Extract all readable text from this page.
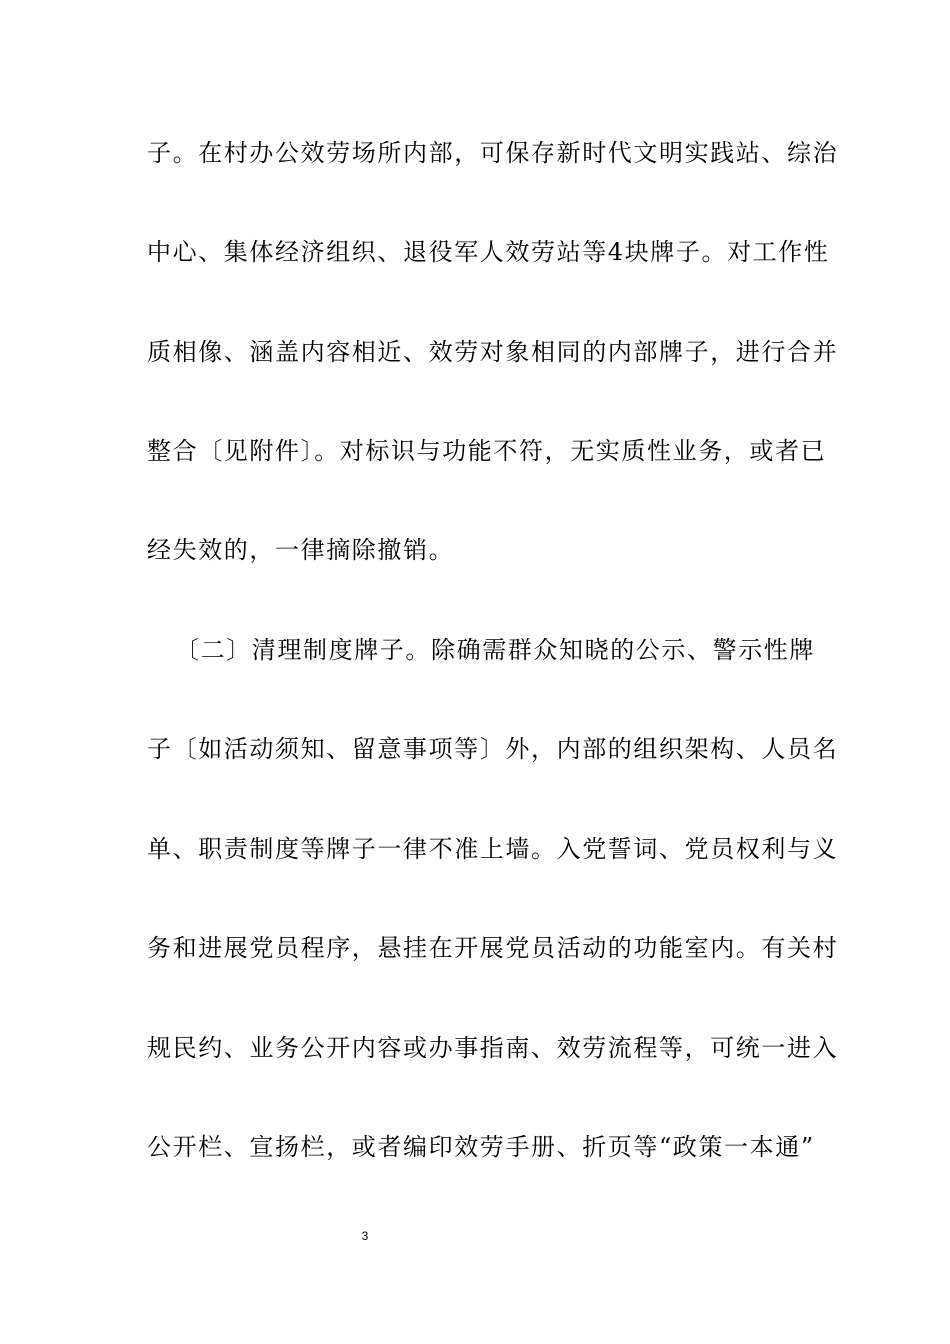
子。在村办公效劳场所内部，可保存新时代文明实践站、综治
中心、集体经济组织、退役军人效劳站等4块牌子。对工作性
质相像、涵盖内容相近、效劳对象相同的内部牌子，进行合并
整合〔见附件〕。对标识与功能不符，无实质性业务，或者已
经失效的，一律摘除撤销。
〔二〕清理制度牌子。除确需群众知晓的公示、警示性牌
子〔如活动须知、留意事项等〕外，内部的组织架构、人员名
单、职责制度等牌子一律不准上墙。入党誓词、党员权利与义
务和进展党员程序，悬挂在开展党员活动的功能室内。有关村
规民约、业务公开内容或办事指南、效劳流程等，可统一进入
公开栏、宣扬栏，或者编印效劳手册、折页等“政策一本通”
3
